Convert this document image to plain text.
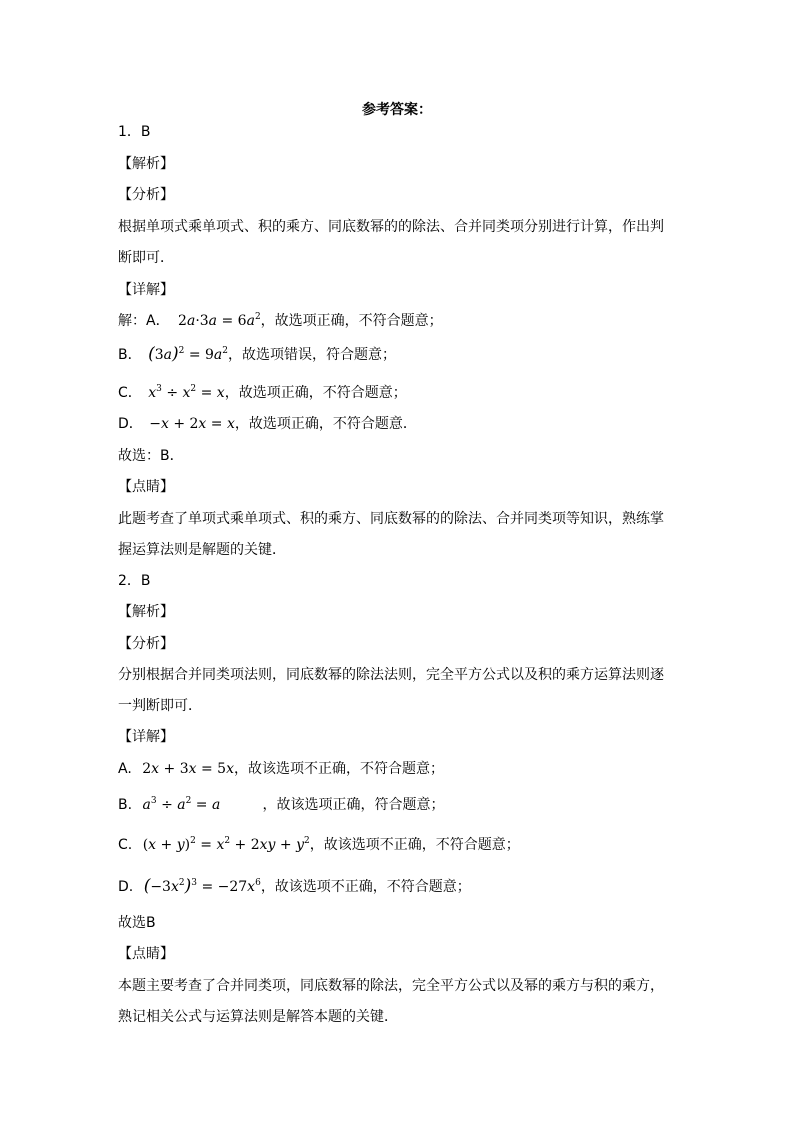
参考答案：
1．B
【解析】
【分析】
根据单项式乘单项式、积的乘方、同底数幂的的除法、合并同类项分别进行计算，作出判
断即可．
【详解】
解：A． $2a\cdot 3a = 6a^2$，故选项正确，不符合题意；
B． $(3a)^2 = 9a^2$，故选项错误，符合题意；
C． $x^3 \div x^2 = x$，故选项正确，不符合题意；
D． −x + 2x = x，故选项正确，不符合题意．
故选：B．
【点睛】
此题考查了单项式乘单项式、积的乘方、同底数幂的的除法、合并同类项等知识，熟练掌
握运算法则是解题的关键．
2．B
【解析】
【分析】
分别根据合并同类项法则，同底数幂的除法法则，完全平方公式以及积的乘方运算法则逐
一判断即可．
【详解】
A. 2x + 3x = 5x，故该选项不正确，不符合题意；
B. $a^3 \div a^2 = a$	，故该选项正确，符合题意；
C. $(x + y)^2 = x^2 + 2xy + y^2$，故该选项不正确，不符合题意；
D. $(-3x^2)^3 = -27x^6$，故该选项不正确，不符合题意；
故选B
【点睛】
本题主要考查了合并同类项，同底数幂的除法，完全平方公式以及幂的乘方与积的乘方，
熟记相关公式与运算法则是解答本题的关键．
